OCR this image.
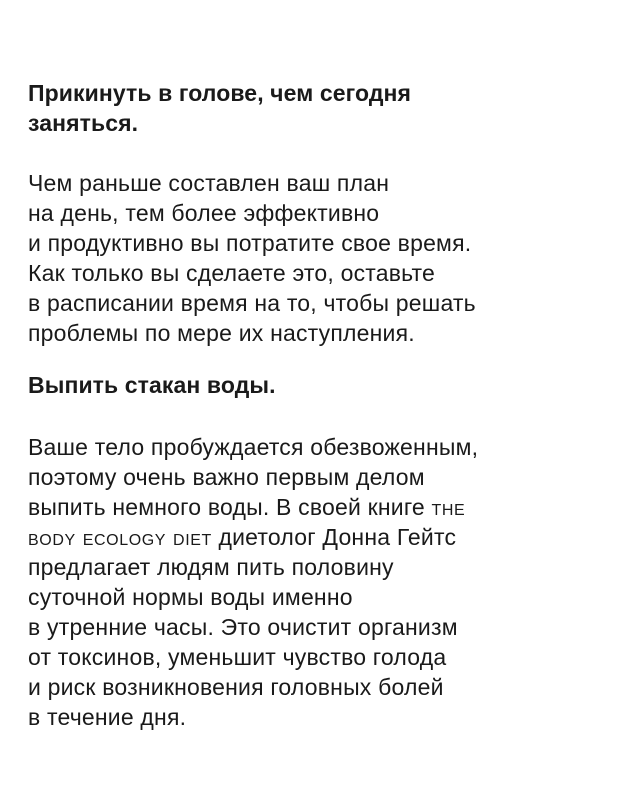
Прикинуть в голове, чем сегодня
заняться.

Чем раньше составлен ваш план
на день, тем более эффективно
и продуктивно вы потратите свое время.
Как только вы сделаете это, оставьте
в расписании время на то, чтобы решать
проблемы по мере их наступления.

Выпить стакан воды.

Ваше тело пробуждается обезвоженным,
поэтому очень важно первым делом
выпить немного воды. В своей книге the
body ecology diet диетолог Донна Гейтс
предлагает людям пить половину
суточной нормы воды именно
в утренние часы. Это очистит организм
от токсинов, уменьшит чувство голода
и риск возникновения головных болей
в течение дня.
